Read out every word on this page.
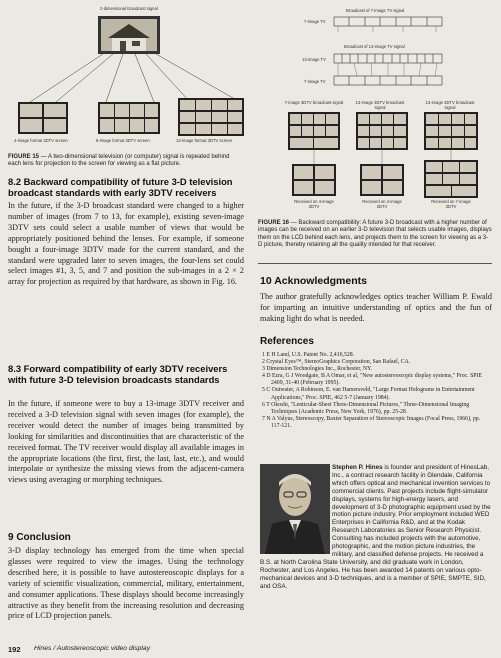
2-dimensional broadcast signal
4-image format 3DTV screen	8-image format 3DTV screen	13-image format 3DTV screen
FIGURE 15 — A two-dimensional television (or computer) signal is repeated behind each lens for projection to the screen for viewing as a flat picture.
Broadcast of 7-image TV signal
7-image TV
Broadcast of 13-image TV signal
13-image TV
7-image TV
7-image 3DTV broadcast signal	13-image 3DTV broadcast signal
13-image 3DTV broadcast signal
Received on 4-image 3DTV
Received on 4-image 3DTV
Received on 7-image 3DTV
FIGURE 16 — Backward compatibility: A future 3-D broadcast with a higher number of images can be received on an earlier 3-D television that selects usable images, displays them on the LCD behind each lens, and projects them to the screen for viewing as a 3-D picture, thereby retaining all the quality intended for that receiver.
8.2 Backward compatibility of future 3-D television broadcast standards with early 3DTV receivers
In the future, if the 3-D broadcast standard were changed to a higher number of images (from 7 to 13, for example), existing seven-image 3DTV sets could select a usable number of views that would be appropriately positioned behind the lenses. For example, if someone bought a four-image 3DTV made for the current standard, and the standard were upgraded later to seven images, the four-lens set could select images #1, 3, 5, and 7 and position the sub-images in a 2 × 2 array for projection as required by that hardware, as shown in Fig. 16.
8.3 Forward compatibility of early 3DTV receivers with future 3-D television broadcasts standards
In the future, if someone were to buy a 13-image 3DTV receiver and received a 3-D television signal with seven images (for example), the receiver would detect the number of images being transmitted by looking for similarities and discontinuities that are characteristic of the received format. The TV receiver would display all available images in the appropriate locations (the first, first, the last, last, etc.), and would interpolate or synthesize the missing views from the adjacent-camera views using averaging or morphing techniques.
9 Conclusion
3-D display technology has emerged from the time when special glasses were required to view the images. Using the technology described here, it is possible to have autostereoscopic displays for a variety of scientific visualization, commercial, military, entertainment, and consumer applications. These displays should become increasingly attractive as they benefit from the increasing resolution and decreasing price of LCD projection panels.
10 Acknowledgments
The author gratefully acknowledges optics teacher William P. Ewald for imparting an intuitive understanding of optics and the fun of making light do what is needed.
References
1 E H Land, U.S. Patent No. 2,416,528.
2 Crystal Eyes™, StereoGraphics Corporation, San Rafael, CA.
3 Dimension Technologies Inc., Rochester, NY.
4 D Ezra, G J Woodgate, B A Omar, et al, "New autostereoscopic display systems," Proc. SPIE 2409, 31-40 (February 1995).
5 C Outwater, A Robinson, E. van Hamersveld, "Large Format Holograms in Entertainment Applications," Proc. SPIE, 462 5-7 (January 1984).
6 T Okoshi, "Lenticular-Sheet Three-Dimensional Pictures," Three-Dimensional Imaging Techniques (Academic Press, New York, 1976), pp. 25-28.
7 N A Valyus, Stereoscopy, Baxter Separation of Stereoscopic Images (Focal Press, 1966), pp. 117-121.
Stephen P. Hines is founder and president of HinesLab, Inc., a contract research facility in Glendale, California which offers optical and mechanical invention services to commercial clients. Past projects include flight-simulator displays, systems for high-energy lasers, and development of 3-D photographic equipment used by the motion picture industry. Prior employment included WED Enterprises in California R&D, and at the Kodak Research Laboratories as Senior Research Physicist. Consulting has included projects with the automotive, photographic, and the motion picture industries, the military, and classified defense projects. He received a B.S. at North Carolina State University, and did graduate work in London, Rochester, and Los Angeles. He has been awarded 14 patents on various opto-mechanical devices and 3-D techniques, and is a member of SPIE, SMPTE, SID, and OSA.
192 Hines / Autostereoscopic video display
